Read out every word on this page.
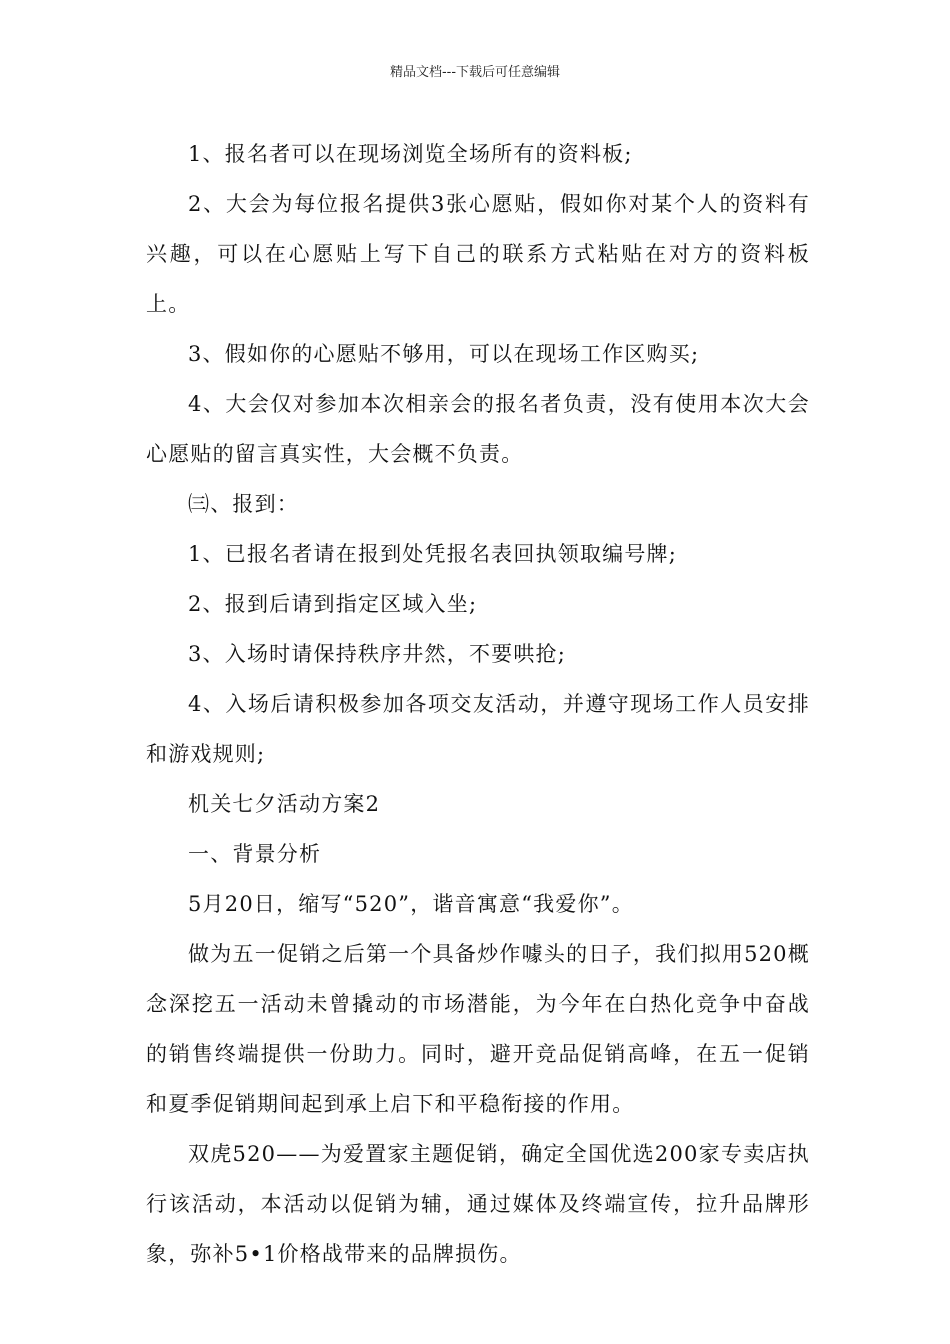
精品文档---下载后可任意编辑

1、报名者可以在现场浏览全场所有的资料板;

2、大会为每位报名提供3张心愿贴，假如你对某个人的资料有兴趣，可以在心愿贴上写下自己的联系方式粘贴在对方的资料板上。

3、假如你的心愿贴不够用，可以在现场工作区购买;

4、大会仅对参加本次相亲会的报名者负责，没有使用本次大会心愿贴的留言真实性，大会概不负责。

㈢、报到：

1、已报名者请在报到处凭报名表回执领取编号牌;

2、报到后请到指定区域入坐;

3、入场时请保持秩序井然，不要哄抢;

4、入场后请积极参加各项交友活动，并遵守现场工作人员安排和游戏规则;

机关七夕活动方案2

一、背景分析

5月20日，缩写“520”，谐音寓意“我爱你”。

做为五一促销之后第一个具备炒作噱头的日子，我们拟用520概念深挖五一活动未曾撬动的市场潜能，为今年在白热化竞争中奋战的销售终端提供一份助力。同时，避开竞品促销高峰，在五一促销和夏季促销期间起到承上启下和平稳衔接的作用。

双虎520——为爱置家主题促销，确定全国优选200家专卖店执行该活动，本活动以促销为辅，通过媒体及终端宣传，拉升品牌形象，弥补5•1价格战带来的品牌损伤。
